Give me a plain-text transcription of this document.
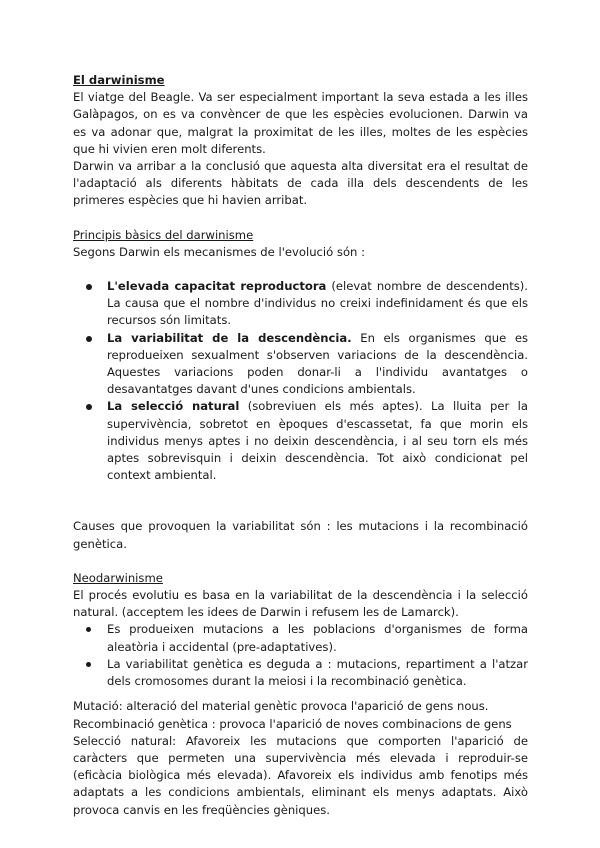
El darwinisme

El viatge del Beagle. Va ser especialment important la seva estada a les illes Galàpagos, on es va convèncer de que les espècies evolucionen. Darwin va es va adonar que, malgrat la proximitat de les illes, moltes de les espècies que hi vivien eren molt diferents.

Darwin va arribar a la conclusió que aquesta alta diversitat era el resultat de l'adaptació als diferents hàbitats de cada illa dels descendents de les primeres espècies que hi havien arribat.

Principis bàsics del darwinisme

Segons Darwin els mecanismes de l'evolució són :

L'elevada capacitat reproductora (elevat nombre de descendents). La causa que el nombre d'individus no creixi indefinidament és que els recursos són limitats.
La variabilitat de la descendència. En els organismes que es reprodueixen sexualment s'observen variacions de la descendència. Aquestes variacions poden donar-li a l'individu avantatges o desavantatges davant d'unes condicions ambientals.
La selecció natural (sobreviuen els més aptes). La lluita per la supervivència, sobretot en èpoques d'escassetat, fa que morin els individus menys aptes i no deixin descendència, i al seu torn els més aptes sobrevisquin i deixin descendència. Tot això condicionat pel context ambiental.

Causes que provoquen la variabilitat són : les mutacions i la recombinació genètica.

Neodarwinisme

El procés evolutiu es basa en la variabilitat de la descendència i la selecció natural. (acceptem les idees de Darwin i refusem les de Lamarck).

Es produeixen mutacions a les poblacions d'organismes de forma aleatòria i accidental (pre-adaptatives).
La variabilitat genètica es deguda a : mutacions, repartiment a l'atzar dels cromosomes durant la meiosi i la recombinació genètica.

Mutació: alteració del material genètic provoca l'aparició de gens nous.

Recombinació genètica : provoca l'aparició de noves combinacions de gens

Selecció natural: Afavoreix les mutacions que comporten l'aparició de caràcters que permeten una supervivència més elevada i reproduir-se (eficàcia biològica més elevada). Afavoreix els individus amb fenotips més adaptats a les condicions ambientals, eliminant els menys adaptats. Això provoca canvis en les freqüències gèniques.
